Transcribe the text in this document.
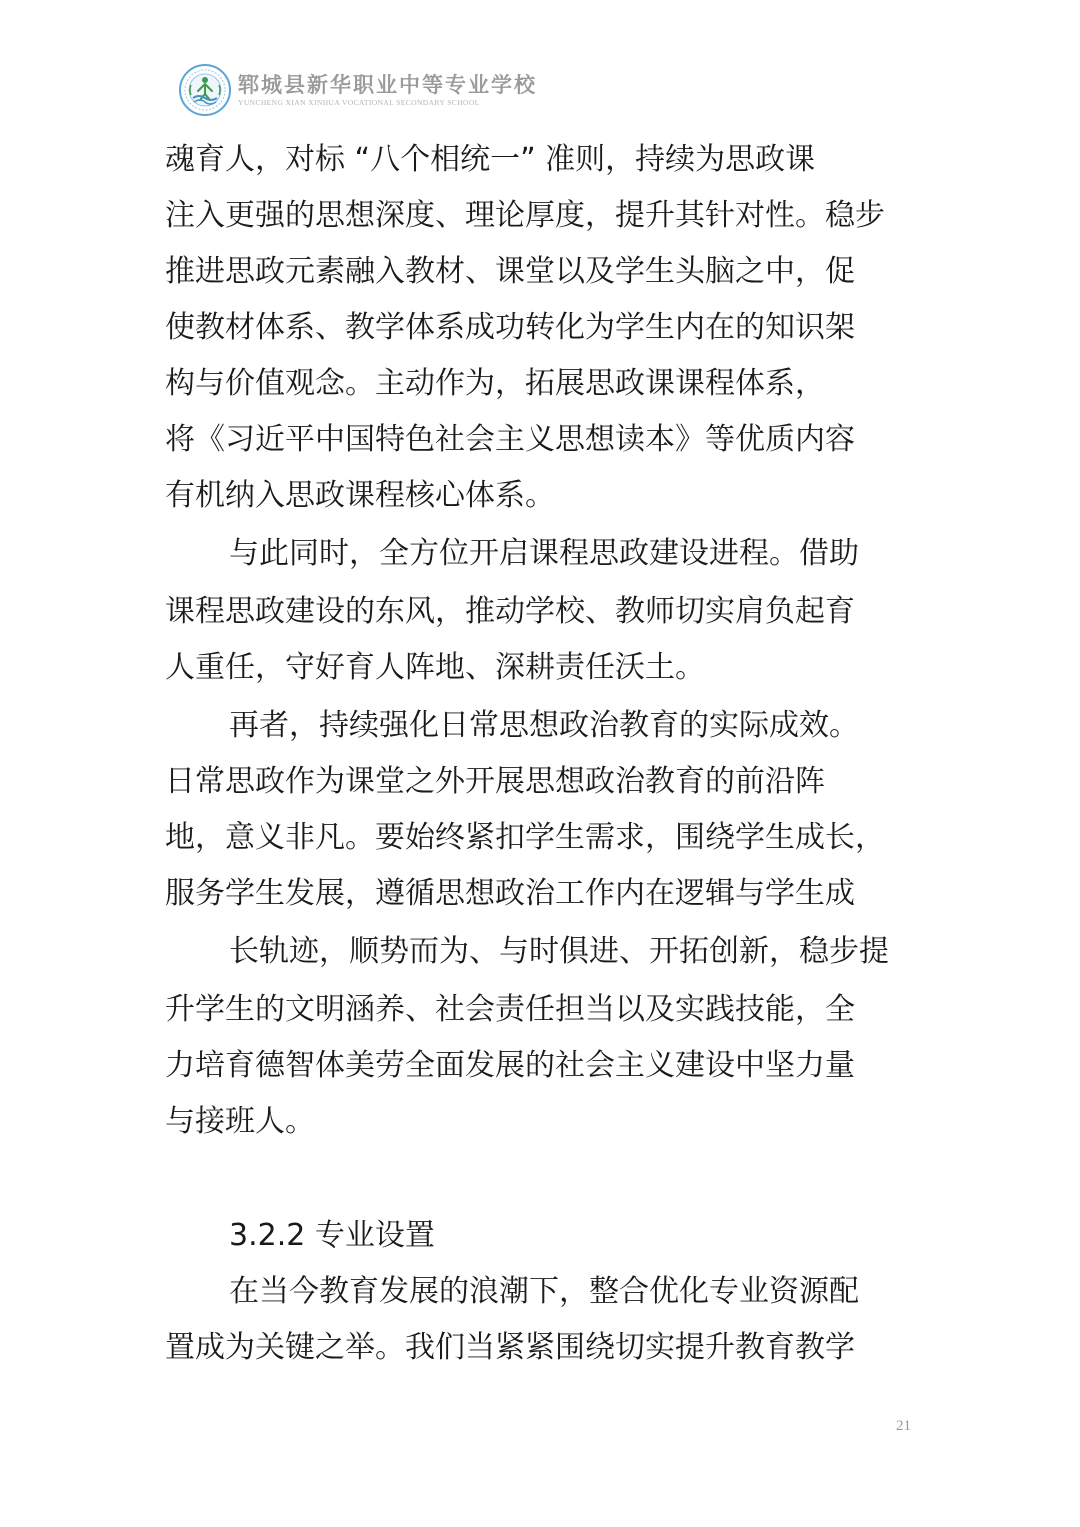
郓城县新华职业中等专业学校
YUNCHENG XIAN XINHUA VOCATIONAL SECONDARY SCHOOL

魂育人，对标 “八个相统一” 准则，持续为思政课

注入更强的思想深度、理论厚度，提升其针对性。稳步

推进思政元素融入教材、课堂以及学生头脑之中，促

使教材体系、教学体系成功转化为学生内在的知识架

构与价值观念。主动作为，拓展思政课课程体系，

将《习近平中国特色社会主义思想读本》等优质内容

有机纳入思政课程核心体系。

与此同时，全方位开启课程思政建设进程。借助

课程思政建设的东风，推动学校、教师切实肩负起育

人重任，守好育人阵地、深耕责任沃土。

再者，持续强化日常思想政治教育的实际成效。

日常思政作为课堂之外开展思想政治教育的前沿阵

地，意义非凡。要始终紧扣学生需求，围绕学生成长，

服务学生发展，遵循思想政治工作内在逻辑与学生成

长轨迹，顺势而为、与时俱进、开拓创新，稳步提

升学生的文明涵养、社会责任担当以及实践技能，全

力培育德智体美劳全面发展的社会主义建设中坚力量

与接班人。

3.2.2 专业设置

在当今教育发展的浪潮下，整合优化专业资源配

置成为关键之举。我们当紧紧围绕切实提升教育教学

21
